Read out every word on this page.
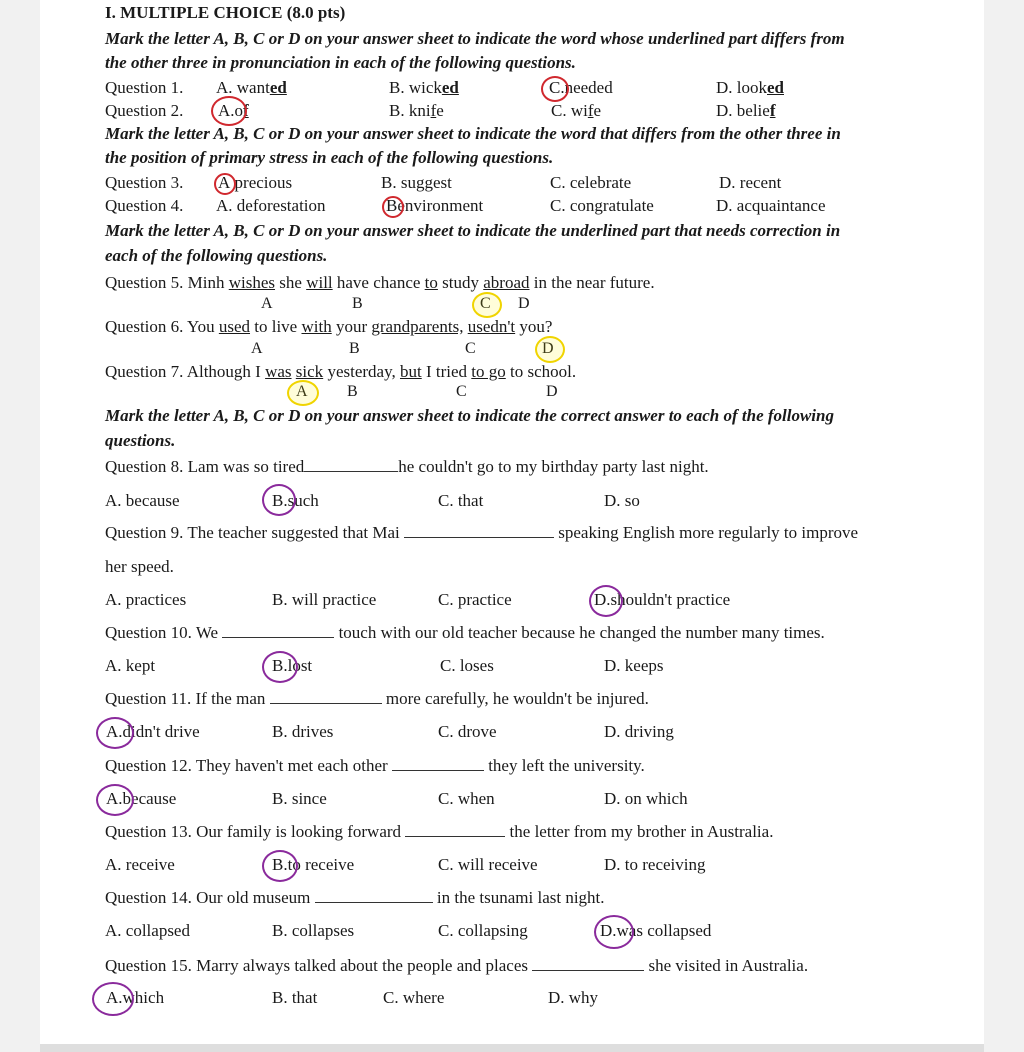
I. MULTIPLE CHOICE (8.0 pts)
Mark the letter A, B, C or D on your answer sheet to indicate the word whose underlined part differs from
the other three in pronunciation in each of the following questions.
Question 1. A. wanted	B. wicked	C.needed	D. looked
Question 2. A.of	B. knife	C. wife	D. belief
Mark the letter A, B, C or D on your answer sheet to indicate the word that differs from the other three in
the position of primary stress in each of the following questions.
Question 3. A precious	B. suggest	C. celebrate	D. recent
Question 4. A. deforestation	Benvironment	C. congratulate	D. acquaintance
Mark the letter A, B, C or D on your answer sheet to indicate the underlined part that needs correction in
each of the following questions.
Question 5. Minh wishes she will have chance to study abroad in the near future.
A	B	C D
Question 6. You used to live with your grandparents, usedn't you?
A	B	C	D
Question 7. Although I was sick yesterday, but I tried to go to school.
A B	C	D
Mark the letter A, B, C or D on your answer sheet to indicate the correct answer to each of the following
questions.
Question 8. Lam was so tired	he couldn't go to my birthday party last night.
A. because	B.such	C. that	D. so
Question 9. The teacher suggested that Mai	speaking English more regularly to improve
her speed.
A. practices	B. will practice	C. practice	D.shouldn't practice
Question 10. We	touch with our old teacher because he changed the number many times.
A. kept	B.lost	C. loses	D. keeps
Question 11. If the man	more carefully, he wouldn't be injured.
A.didn't drive	B. drives	C. drove	D. driving
Question 12. They haven't met each other	they left the university.
A.because	B. since	C. when	D. on which
Question 13. Our family is looking forward	the letter from my brother in Australia.
A. receive	B.to receive	C. will receive	D. to receiving
Question 14. Our old museum	in the tsunami last night.
A. collapsed	B. collapses	C. collapsing	D.was collapsed
Question 15. Marry always talked about the people and places	she visited in Australia.
A.which	B. that	C. where	D. why
